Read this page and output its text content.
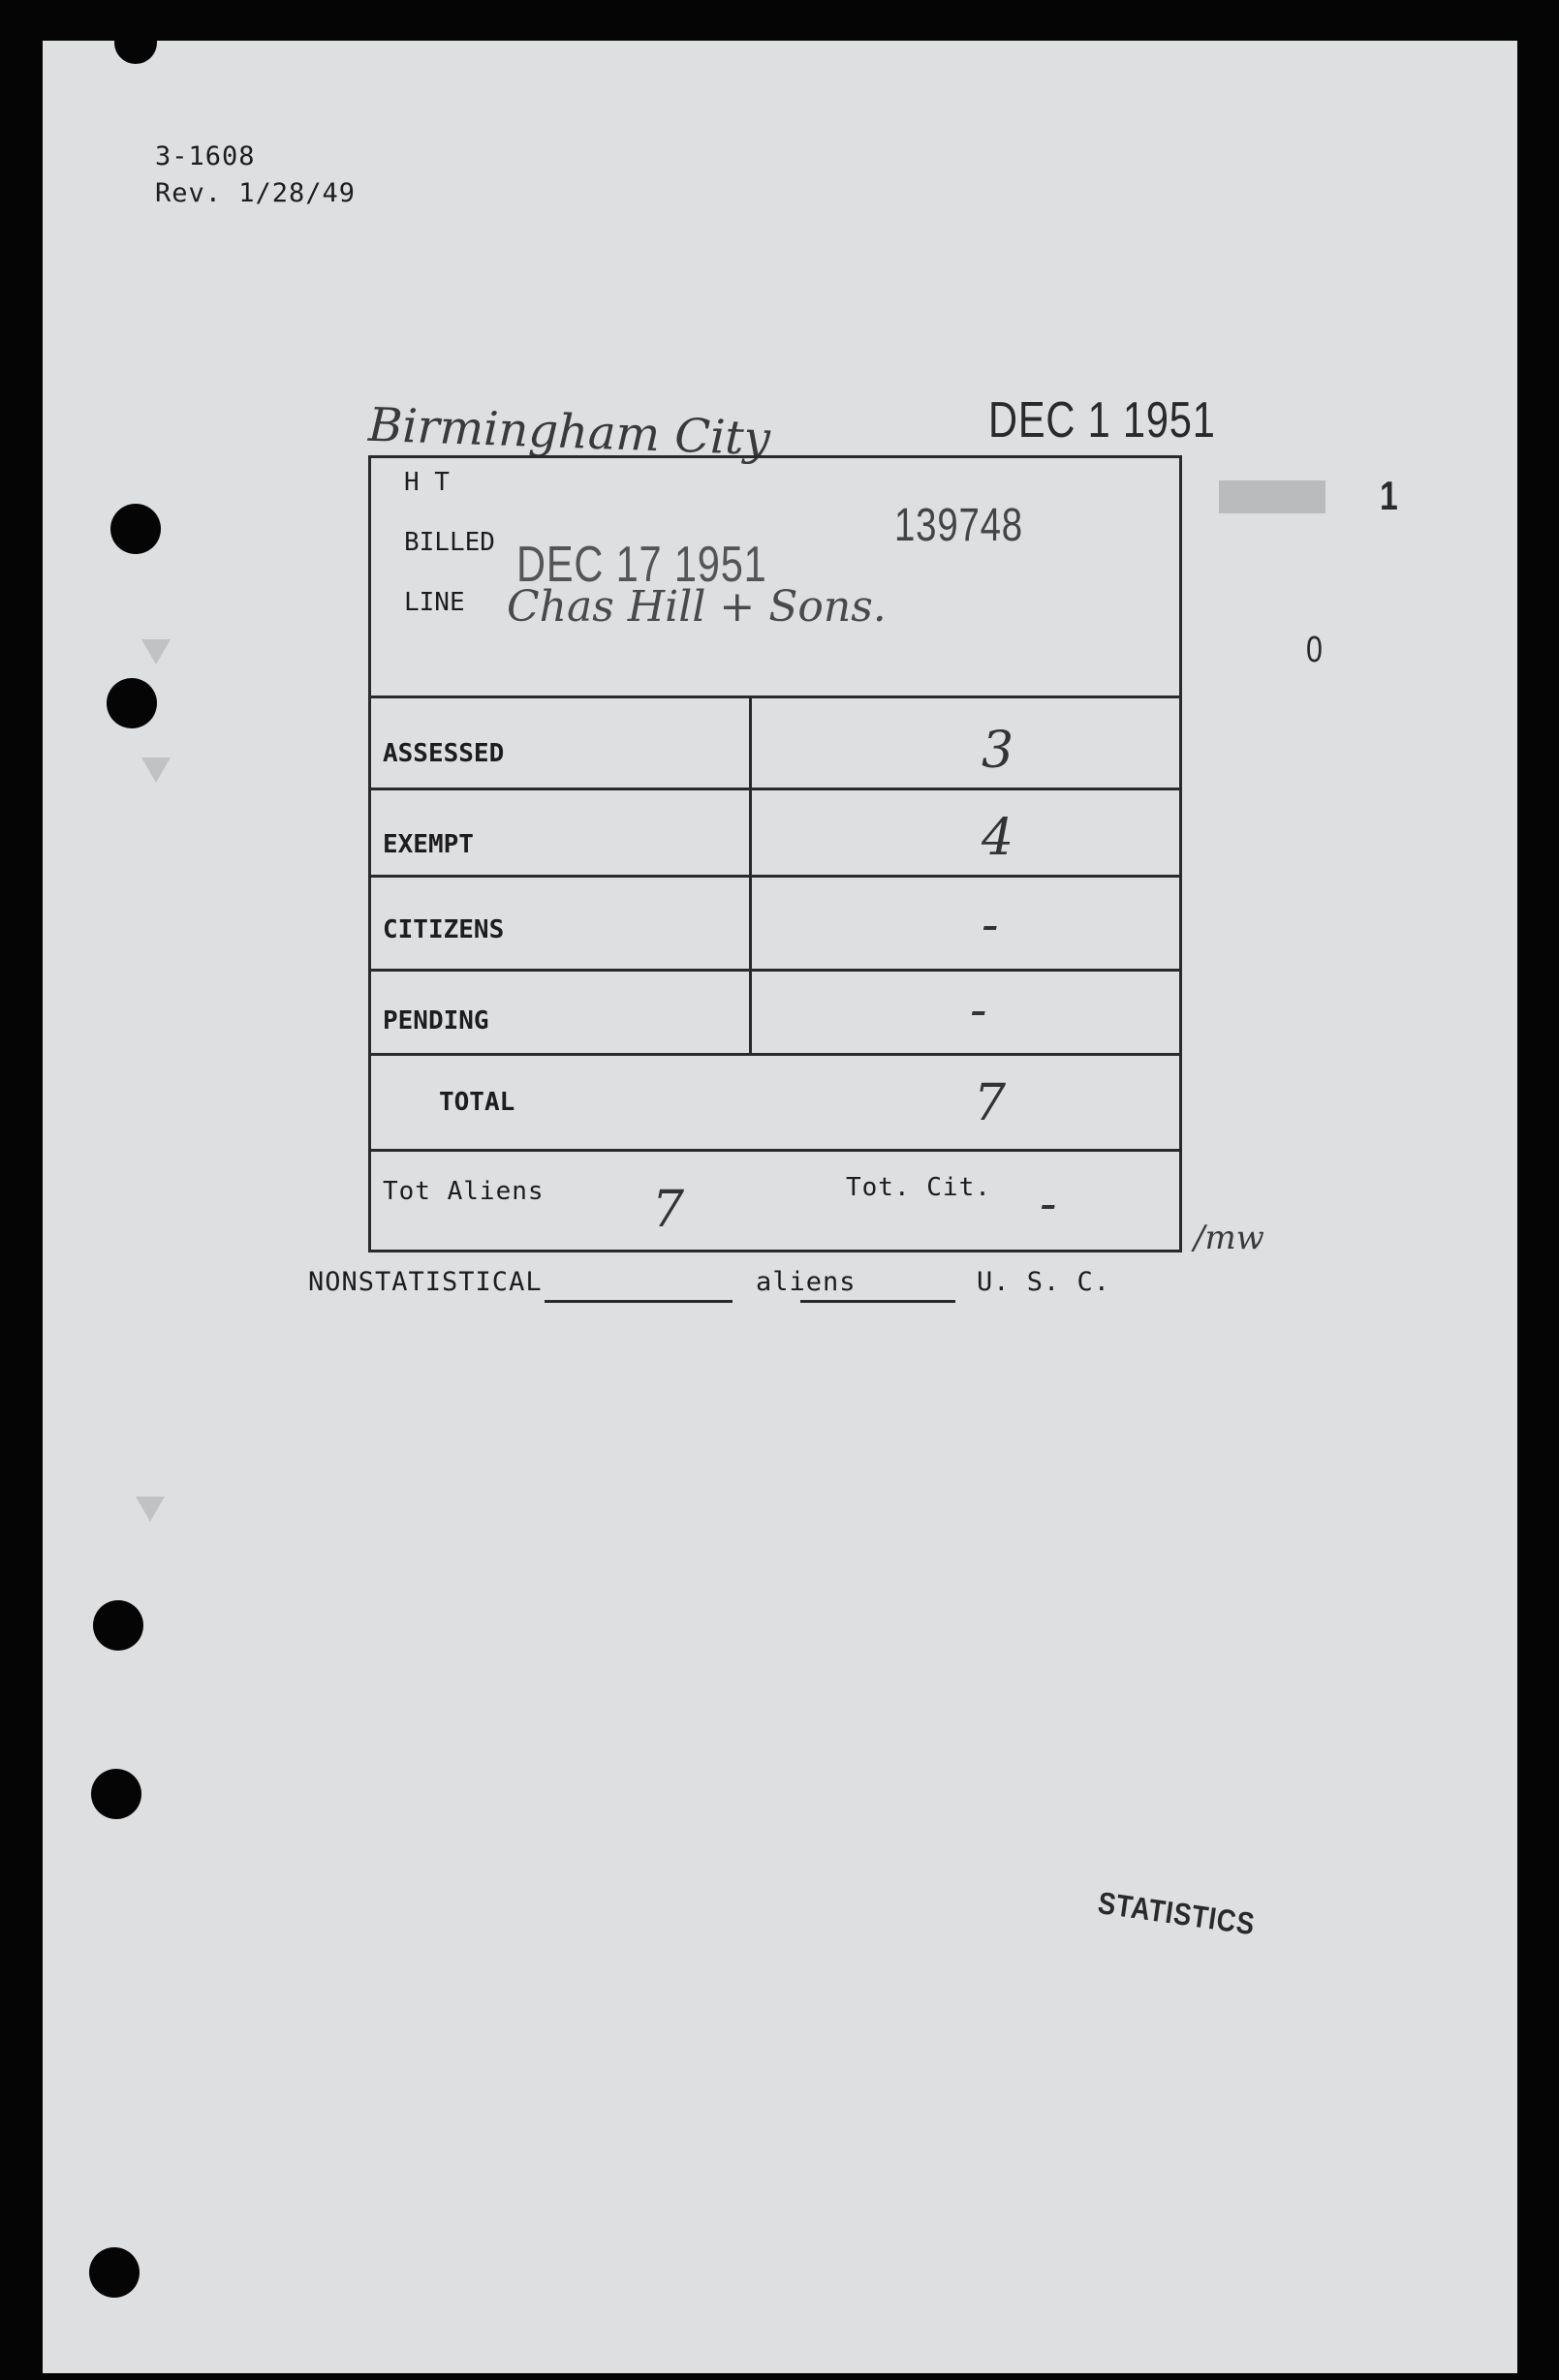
3-1608
Rev. 1/28/49
Birmingham City	DEC 1 1951
1
0
H T
BILLED DEC 17 1951
139748
LINE Chas Hill + Sons.
ASSESSED	3
EXEMPT	4
CITIZENS	-
PENDING	-
TOTAL	7
Tot Aliens 7	Tot. Cit. -
/mw
NONSTATISTICAL	aliens	U. S. C.
STATISTICS
